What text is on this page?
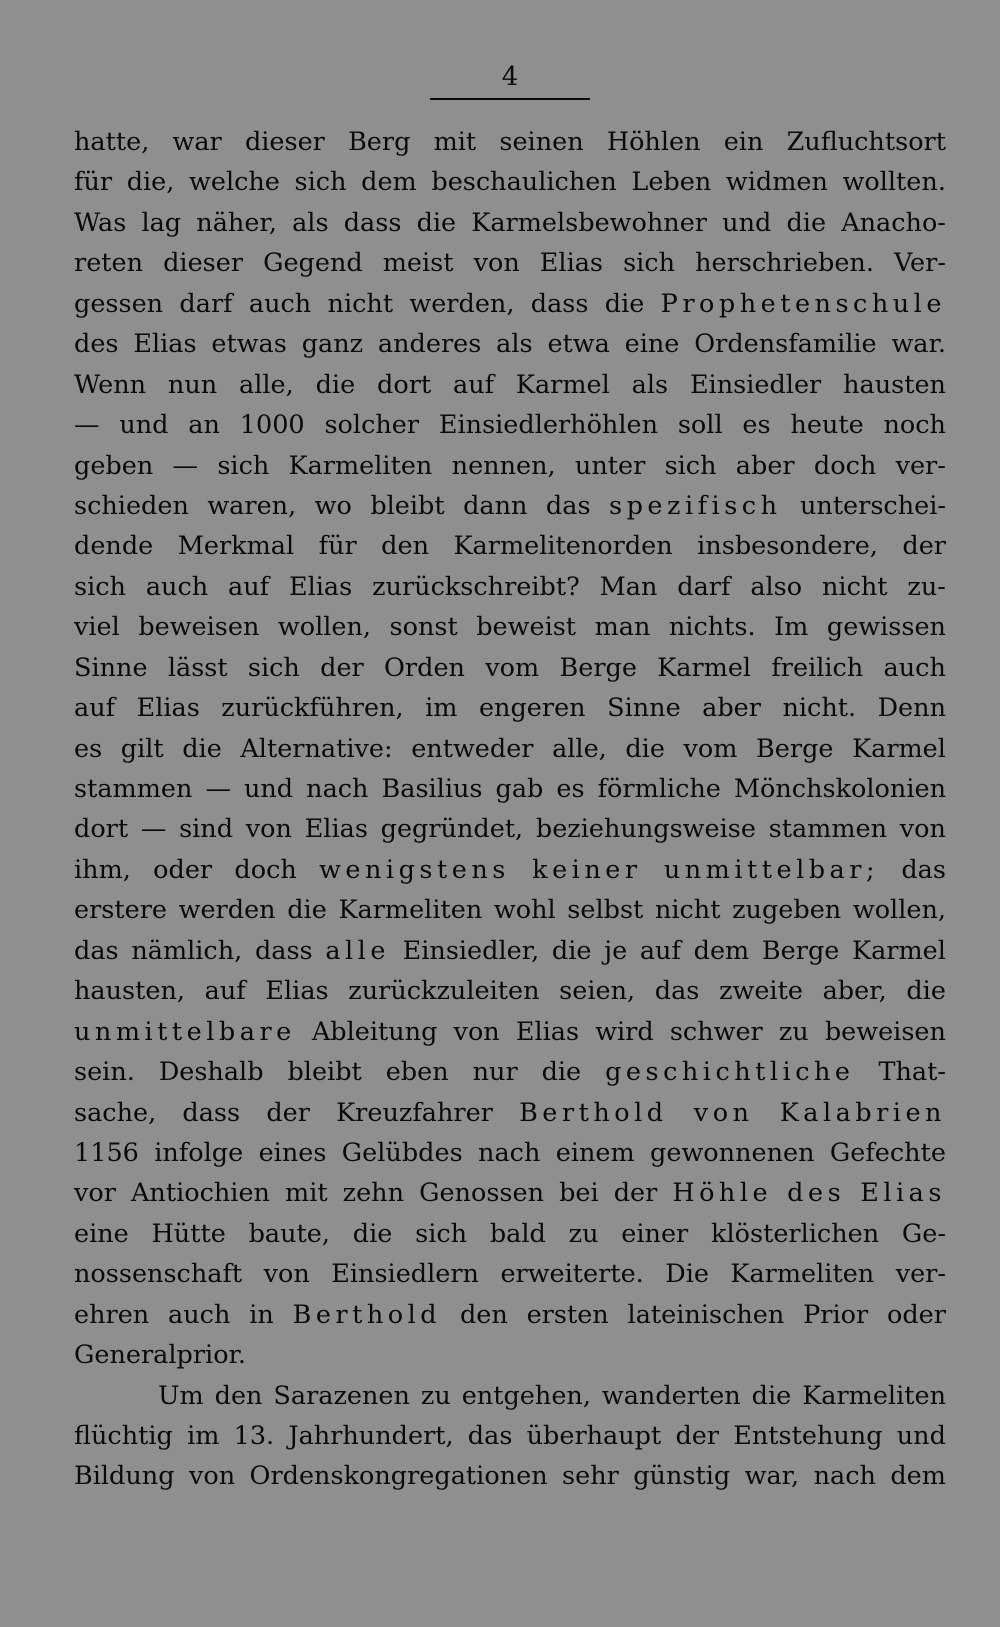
4
hatte, war dieser Berg mit seinen Höhlen ein Zufluchtsort
für die, welche sich dem beschaulichen Leben widmen wollten.
Was lag näher, als dass die Karmelsbewohner und die Anacho-
reten dieser Gegend meist von Elias sich herschrieben. Ver-
gessen darf auch nicht werden, dass die Prophetenschule
des Elias etwas ganz anderes als etwa eine Ordensfamilie war.
Wenn nun alle, die dort auf Karmel als Einsiedler hausten
— und an 1000 solcher Einsiedlerhöhlen soll es heute noch
geben — sich Karmeliten nennen, unter sich aber doch ver-
schieden waren, wo bleibt dann das spezifisch unterschei-
dende Merkmal für den Karmelitenorden insbesondere, der
sich auch auf Elias zurückschreibt? Man darf also nicht zu-
viel beweisen wollen, sonst beweist man nichts. Im gewissen
Sinne lässt sich der Orden vom Berge Karmel freilich auch
auf Elias zurückführen, im engeren Sinne aber nicht. Denn
es gilt die Alternative: entweder alle, die vom Berge Karmel
stammen — und nach Basilius gab es förmliche Mönchskolonien
dort — sind von Elias gegründet, beziehungsweise stammen von
ihm, oder doch wenigstens keiner unmittelbar; das
erstere werden die Karmeliten wohl selbst nicht zugeben wollen,
das nämlich, dass alle Einsiedler, die je auf dem Berge Karmel
hausten, auf Elias zurückzuleiten seien, das zweite aber, die
unmittelbare Ableitung von Elias wird schwer zu beweisen
sein. Deshalb bleibt eben nur die geschichtliche That-
sache, dass der Kreuzfahrer Berthold von Kalabrien
1156 infolge eines Gelübdes nach einem gewonnenen Gefechte
vor Antiochien mit zehn Genossen bei der Höhle des Elias
eine Hütte baute, die sich bald zu einer klösterlichen Ge-
nossenschaft von Einsiedlern erweiterte. Die Karmeliten ver-
ehren auch in Berthold den ersten lateinischen Prior oder
Generalprior.
Um den Sarazenen zu entgehen, wanderten die Karmeliten
flüchtig im 13. Jahrhundert, das überhaupt der Entstehung und
Bildung von Ordenskongregationen sehr günstig war, nach dem
